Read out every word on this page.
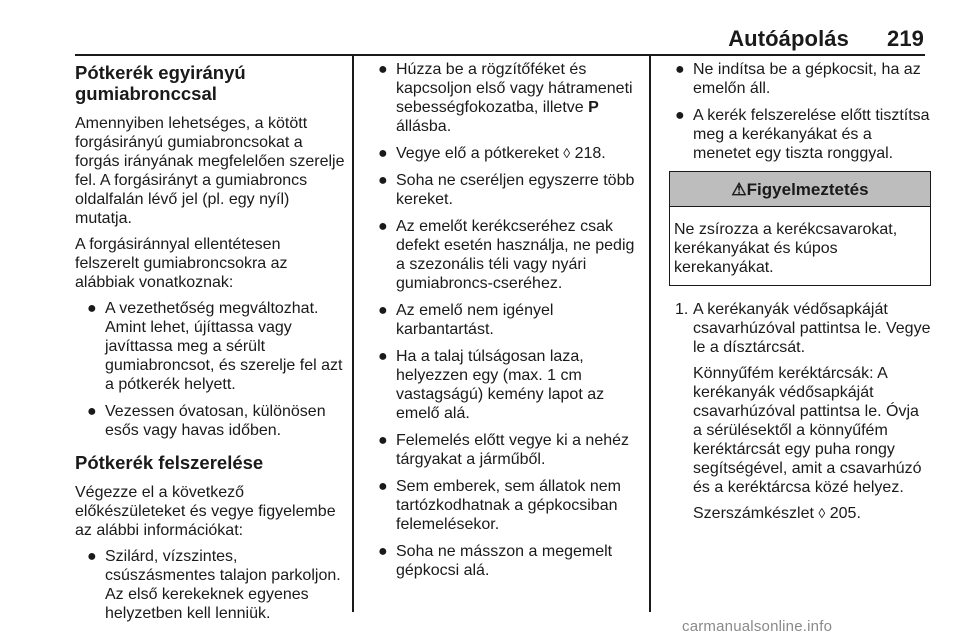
Autóápolás 219
Pótkerék egyirányú gumiabronccsal

Amennyiben lehetséges, a kötött forgásirányú gumiabroncsokat a forgás irányának megfelelően szerelje fel. A forgásirányt a gumiabroncs oldalfalán lévő jel (pl. egy nyíl) mutatja.

A forgásiránnyal ellentétesen felszerelt gumiabroncsokra az alábbiak vonatkoznak:

● A vezethetőség megváltozhat. Amint lehet, újíttassa vagy javíttassa meg a sérült gumiabroncsot, és szerelje fel azt a pótkerék helyett.
● Vezessen óvatosan, különösen esős vagy havas időben.
Pótkerék felszerelése

Végezze el a következő előkészületeket és vegye figyelembe az alábbi információkat:

● Szilárd, vízszintes, csúszásmentes talajon parkoljon. Az első kerekeknek egyenes helyzetben kell lenniük.
● Húzza be a rögzítőféket és kapcsoljon első vagy hátrameneti sebességfokozatba, illetve P állásba.
● Vegye elő a pótkereket ◊ 218.
● Soha ne cseréljen egyszerre több kereket.
● Az emelőt kerékcseréhez csak defekt esetén használja, ne pedig a szezonális téli vagy nyári gumiabroncs-cseréhez.
● Az emelő nem igényel karbantartást.
● Ha a talaj túlságosan laza, helyezzen egy (max. 1 cm vastagságú) kemény lapot az emelő alá.
● Felemelés előtt vegye ki a nehéz tárgyakat a járműből.
● Sem emberek, sem állatok nem tartózkodhatnak a gépkocsiban felemelésekor.
● Soha ne másszon a megemelt gépkocsi alá.
● Ne indítsa be a gépkocsit, ha az emelőn áll.
● A kerék felszerelése előtt tisztítsa meg a kerékanyákat és a menetet egy tiszta ronggyal.
⚠Figyelmeztetés
Ne zsírozza a kerékcsavarokat, kerékanyákat és kúpos kerekanyákat.
1. A kerékanyák védősapkáját csavarhúzóval pattintsa le. Vegye le a dísztárcsát.
Könnyűfém keréktárcsák: A kerékanyák védősapkáját csavarhúzóval pattintsa le. Óvja a sérülésektől a könnyűfém keréktárcsát egy puha rongy segítségével, amit a csavarhúzó és a keréktárcsa közé helyez.
Szerszámkészlet ◊ 205.
carmanualsonline.info
